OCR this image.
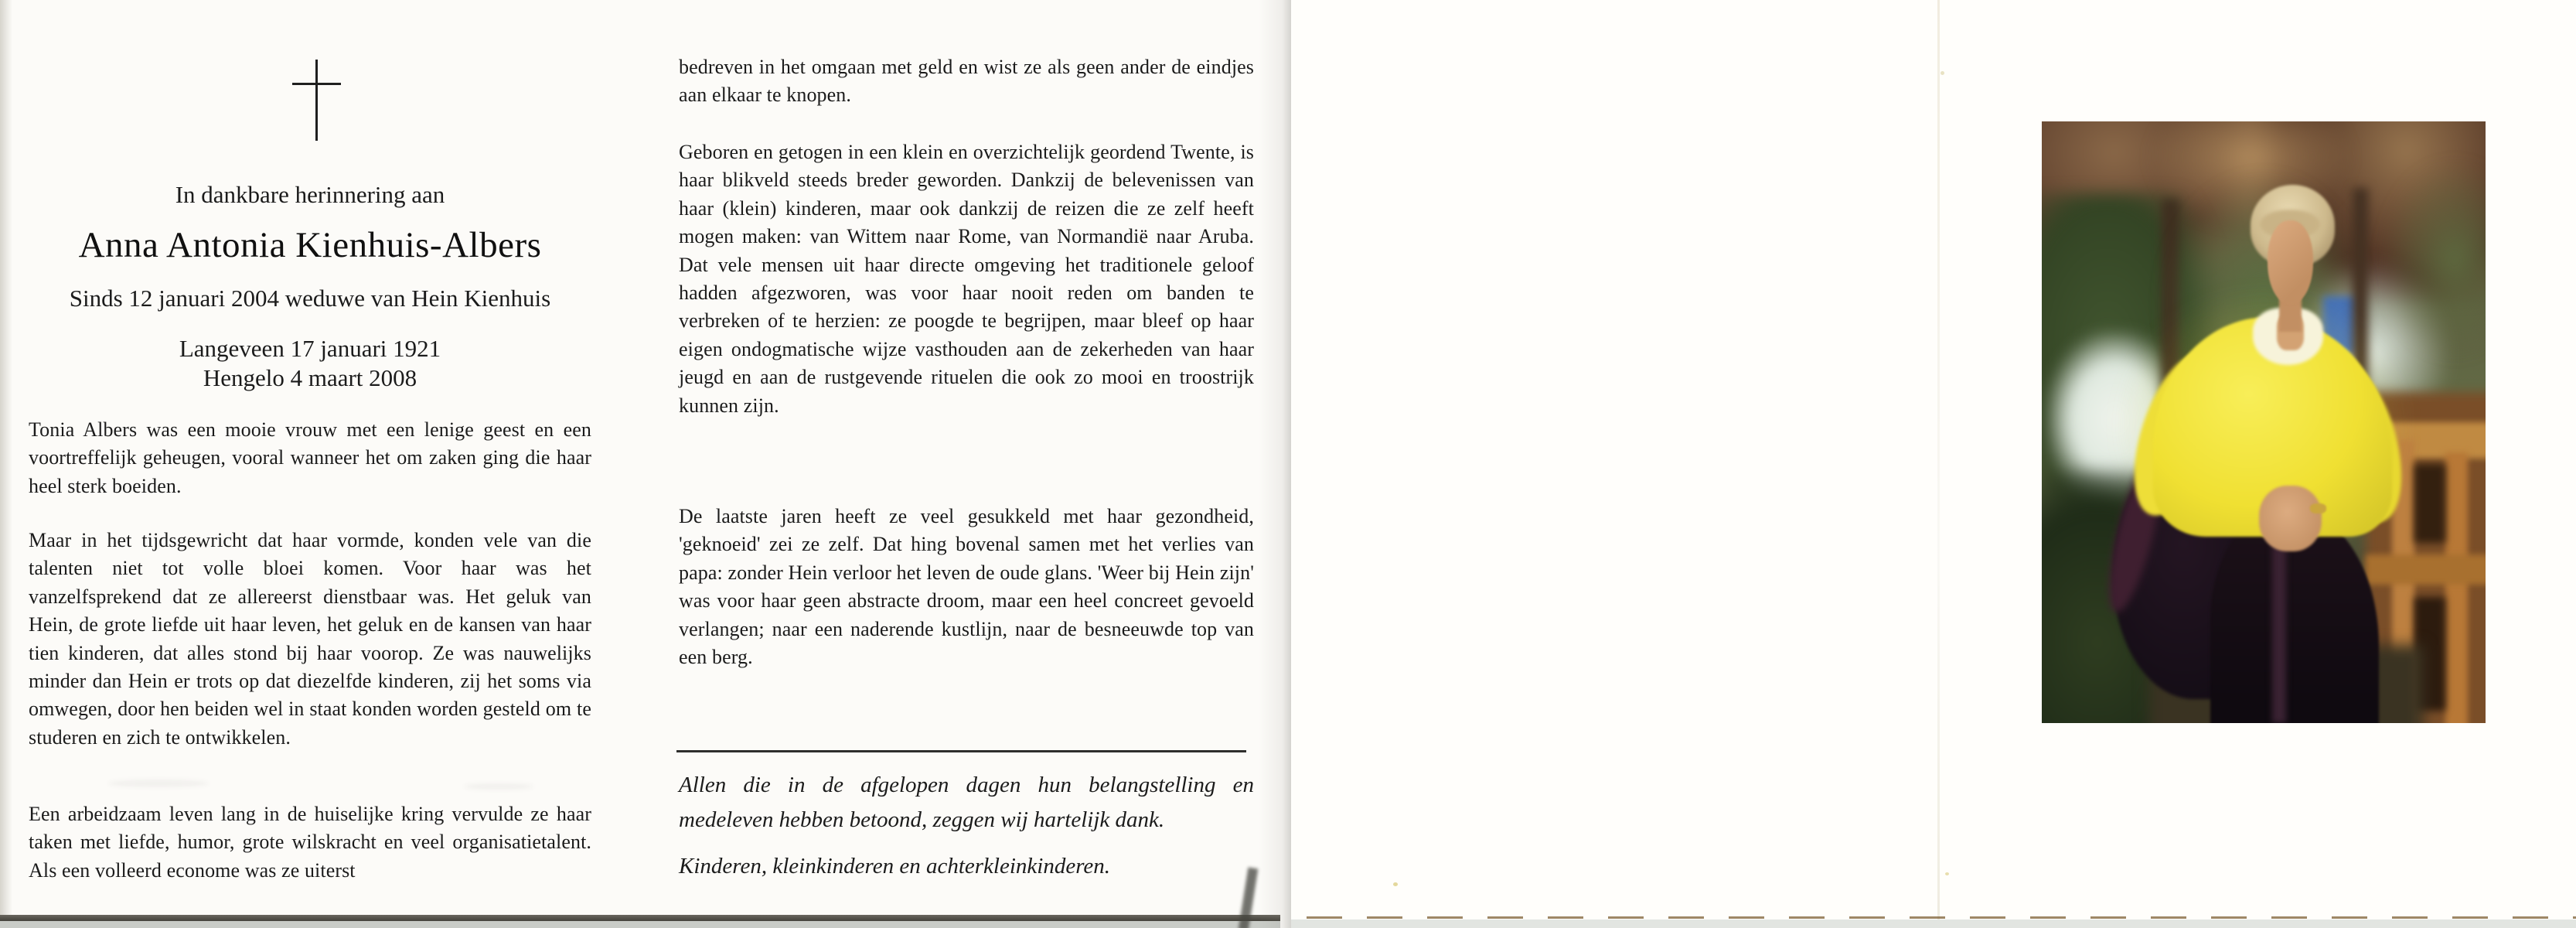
In dankbare herinnering aan
Anna Antonia Kienhuis-Albers
Sinds 12 januari 2004 weduwe van Hein Kienhuis
Langeveen 17 januari 1921
Hengelo 4 maart 2008
Tonia Albers was een mooie vrouw met een lenige geest en een voortreffelijk geheugen, vooral wanneer het om zaken ging die haar heel sterk boeiden.
Maar in het tijdsgewricht dat haar vormde, konden vele van die talenten niet tot volle bloei komen. Voor haar was het vanzelfsprekend dat ze allereerst dienstbaar was. Het geluk van Hein, de grote liefde uit haar leven, het geluk en de kansen van haar tien kinderen, dat alles stond bij haar voorop. Ze was nauwelijks minder dan Hein er trots op dat diezelfde kinderen, zij het soms via omwegen, door hen beiden wel in staat konden worden gesteld om te studeren en zich te ontwikkelen.
Een arbeidzaam leven lang in de huiselijke kring vervulde ze haar taken met liefde, humor, grote wilskracht en veel organisatietalent. Als een volleerd econome was ze uiterst
bedreven in het omgaan met geld en wist ze als geen ander de eindjes aan elkaar te knopen.
Geboren en getogen in een klein en overzichtelijk geordend Twente, is haar blikveld steeds breder geworden. Dankzij de belevenissen van haar (klein) kinderen, maar ook dankzij de reizen die ze zelf heeft mogen maken: van Wittem naar Rome, van Normandië naar Aruba. Dat vele mensen uit haar directe omgeving het traditionele geloof hadden afgezworen, was voor haar nooit reden om banden te verbreken of te herzien: ze poogde te begrijpen, maar bleef op haar eigen ondogmatische wijze vasthouden aan de zekerheden van haar jeugd en aan de rustgevende rituelen die ook zo mooi en troostrijk kunnen zijn.
De laatste jaren heeft ze veel gesukkeld met haar gezondheid, 'geknoeid' zei ze zelf. Dat hing bovenal samen met het verlies van papa: zonder Hein verloor het leven de oude glans. 'Weer bij Hein zijn' was voor haar geen abstracte droom, maar een heel concreet gevoeld verlangen; naar een naderende kustlijn, naar de besneeuwde top van een berg.
Allen die in de afgelopen dagen hun belangstelling en medeleven hebben betoond, zeggen wij hartelijk dank.
Kinderen, kleinkinderen en achterkleinkinderen.
